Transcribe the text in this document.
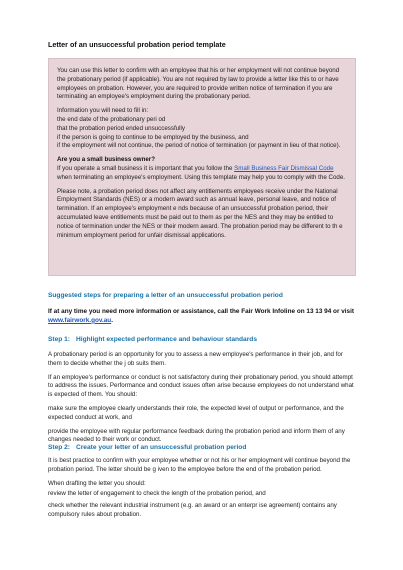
Letter of an unsuccessful probation period template

You can use this letter to confirm with an employee that his or her employment will not continue beyond the probationary period (if applicable). You are not required by law to provide a letter like this to or have employees on probation. However, you are required to provide written notice of termination if you are terminating an employee's employment during the probationary period.

Information you will need to fill in:
the end date of the probationary peri od
that the probation period ended unsuccessfully
if the person is going to continue to be employed by the business, and
if the employment will not continue, the period of notice of termination (or payment in lieu of that notice).

Are you a small business owner?
If you operate a small business it is important that you follow the Small Business Fair Dismissal Code when terminating an employee's employment. Using this template may help you to comply with the Code.

Please note, a probation period does not affect any entitlements employees receive under the National Employment Standards (NES) or a modern award such as annual leave, personal leave, and notice of termination. If an employee's employment e nds because of an unsuccessful probation period, their accumulated leave entitlements must be paid out to them as per the NES and they may be entitled to notice of termination under the NES or their modern award. The probation period may be different to th e minimum employment period for unfair dismissal applications.

Suggested steps for preparing a letter of an unsuccessful probation period

If at any time you need more information or assistance, call the Fair Work Infoline on 13 13 94 or visit www.fairwork.gov.au.

Step 1: Highlight expected performance and behaviour standards

A probationary period is an opportunity for you to assess a new employee's performance in their job, and for them to decide whether the j ob suits them.

If an employee's performance or conduct is not satisfactory during their probationary period, you should attempt to address the issues. Performance and conduct issues often arise because employees do not understand what is expected of them. You should:

make sure the employee clearly understands their role, the expected level of output or performance, and the expected conduct at work, and

provide the employee with regular performance feedback during the probation period and inform them of any changes needed to their work or conduct.

Step 2: Create your letter of an unsuccessful probation period

It is best practice to confirm with your employee whether or not his or her employment will continue beyond the probation period. The letter should be g iven to the employee before the end of the probation period.

When drafting the letter you should:

review the letter of engagement to check the length of the probation period, and

check whether the relevant industrial instrument (e.g. an award or an enterpr ise agreement) contains any compulsory rules about probation.
